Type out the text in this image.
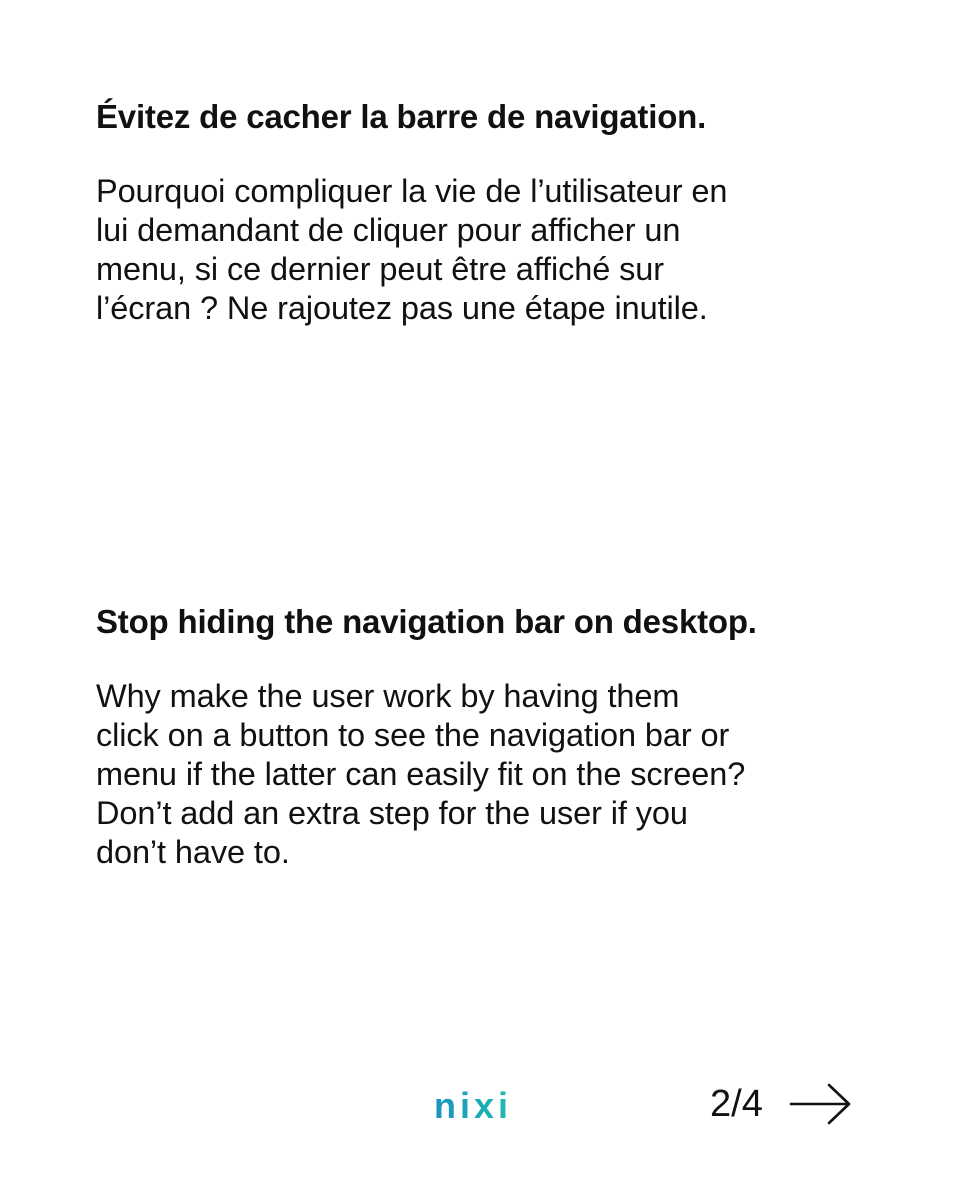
Évitez de cacher la barre de navigation.

Pourquoi compliquer la vie de l’utilisateur en
lui demandant de cliquer pour afficher un
menu, si ce dernier peut être affiché sur
l’écran ? Ne rajoutez pas une étape inutile.

Stop hiding the navigation bar on desktop.

Why make the user work by having them
click on a button to see the navigation bar or
menu if the latter can easily fit on the screen?
Don’t add an extra step for the user if you
don’t have to.

nixi	2/4
